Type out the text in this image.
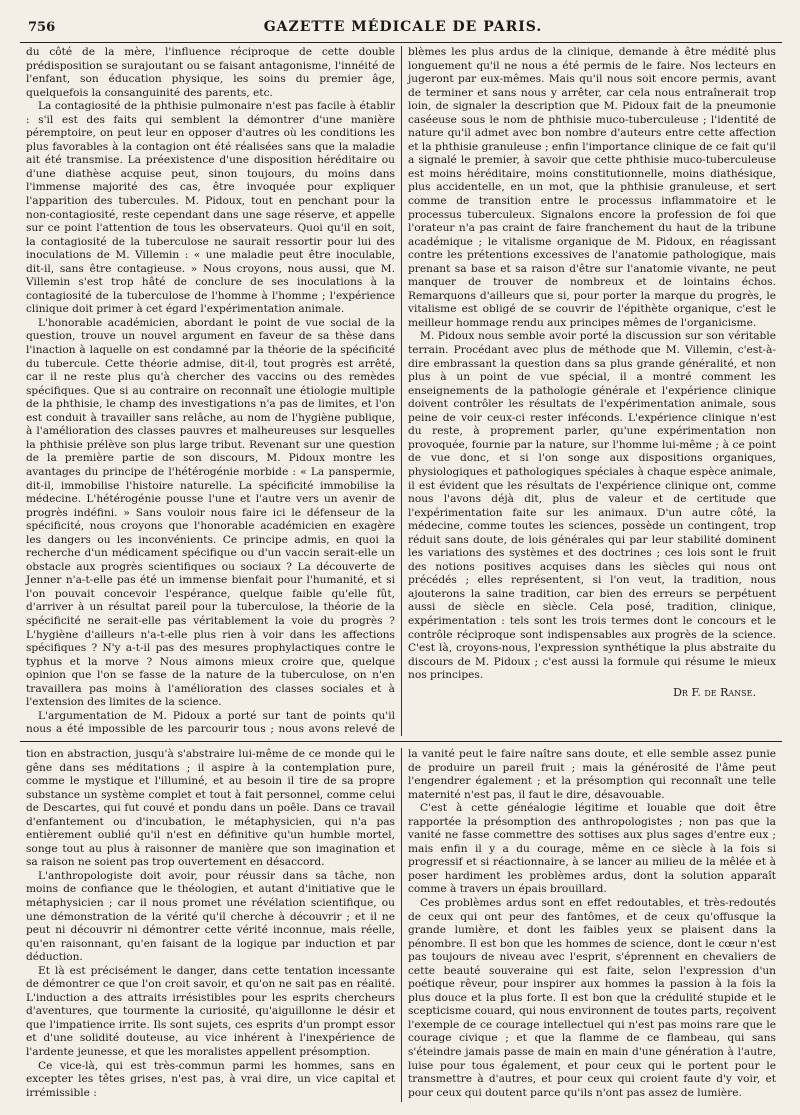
756	GAZETTE MÉDICALE DE PARIS.

du côté de la mère, l'influence réciproque de cette double prédisposition se surajoutant ou se faisant antagonisme, l'innéité de l'enfant, son éducation physique, les soins du premier âge, quelquefois la consanguinité des parents, etc.

La contagiosité de la phthisie pulmonaire n'est pas facile à établir : s'il est des faits qui semblent la démontrer d'une manière péremptoire, on peut leur en opposer d'autres où les conditions les plus favorables à la contagion ont été réalisées sans que la maladie ait été transmise. La préexistence d'une disposition héréditaire ou d'une diathèse acquise peut, sinon toujours, du moins dans l'immense majorité des cas, être invoquée pour expliquer l'apparition des tubercules. M. Pidoux, tout en penchant pour la non-contagiosité, reste cependant dans une sage réserve, et appelle sur ce point l'attention de tous les observateurs. Quoi qu'il en soit, la contagiosité de la tuberculose ne saurait ressortir pour lui des inoculations de M. Villemin : « une maladie peut être inoculable, dit-il, sans être contagieuse. » Nous croyons, nous aussi, que M. Villemin s'est trop hâté de conclure de ses inoculations à la contagiosité de la tuberculose de l'homme à l'homme ; l'expérience clinique doit primer à cet égard l'expérimentation animale.

L'honorable académicien, abordant le point de vue social de la question, trouve un nouvel argument en faveur de sa thèse dans l'inaction à laquelle on est condamné par la théorie de la spécificité du tubercule. Cette théorie admise, dit-il, tout progrès est arrêté, car il ne reste plus qu'à chercher des vaccins ou des remèdes spécifiques. Que si au contraire on reconnaît une étiologie multiple de la phthisie, le champ des investigations n'a pas de limites, et l'on est conduit à travailler sans relâche, au nom de l'hygiène publique, à l'amélioration des classes pauvres et malheureuses sur lesquelles la phthisie prélève son plus large tribut. Revenant sur une question de la première partie de son discours, M. Pidoux montre les avantages du principe de l'hétérogénie morbide : « La panspermie, dit-il, immobilise l'histoire naturelle. La spécificité immobilise la médecine. L'hétérogénie pousse l'une et l'autre vers un avenir de progrès indéfini. » Sans vouloir nous faire ici le défenseur de la spécificité, nous croyons que l'honorable académicien en exagère les dangers ou les inconvénients. Ce principe admis, en quoi la recherche d'un médicament spécifique ou d'un vaccin serait-elle un obstacle aux progrès scientifiques ou sociaux ? La découverte de Jenner n'a-t-elle pas été un immense bienfait pour l'humanité, et si l'on pouvait concevoir l'espérance, quelque faible qu'elle fût, d'arriver à un résultat pareil pour la tuberculose, la théorie de la spécificité ne serait-elle pas véritablement la voie du progrès ? L'hygiène d'ailleurs n'a-t-elle plus rien à voir dans les affections spécifiques ? N'y a-t-il pas des mesures prophylactiques contre le typhus et la morve ? Nous aimons mieux croire que, quelque opinion que l'on se fasse de la nature de la tuberculose, on n'en travaillera pas moins à l'amélioration des classes sociales et à l'extension des limites de la science.

L'argumentation de M. Pidoux a porté sur tant de points qu'il nous a été impossible de les parcourir tous ; nous avons relevé de

blèmes les plus ardus de la clinique, demande à être médité plus longuement qu'il ne nous a été permis de le faire. Nos lecteurs en jugeront par eux-mêmes. Mais qu'il nous soit encore permis, avant de terminer et sans nous y arrêter, car cela nous entraînerait trop loin, de signaler la description que M. Pidoux fait de la pneumonie caséeuse sous le nom de phthisie muco-tuberculeuse ; l'identité de nature qu'il admet avec bon nombre d'auteurs entre cette affection et la phthisie granuleuse ; enfin l'importance clinique de ce fait qu'il a signalé le premier, à savoir que cette phthisie muco-tuberculeuse est moins héréditaire, moins constitutionnelle, moins diathésique, plus accidentelle, en un mot, que la phthisie granuleuse, et sert comme de transition entre le processus inflammatoire et le processus tuberculeux. Signalons encore la profession de foi que l'orateur n'a pas craint de faire franchement du haut de la tribune académique ; le vitalisme organique de M. Pidoux, en réagissant contre les prétentions excessives de l'anatomie pathologique, mais prenant sa base et sa raison d'être sur l'anatomie vivante, ne peut manquer de trouver de nombreux et de lointains échos. Remarquons d'ailleurs que si, pour porter la marque du progrès, le vitalisme est obligé de se couvrir de l'épithète organique, c'est le meilleur hommage rendu aux principes mêmes de l'organicisme.

M. Pidoux nous semble avoir porté la discussion sur son véritable terrain. Procédant avec plus de méthode que M. Villemin, c'est-à-dire embrassant la question dans sa plus grande généralité, et non plus à un point de vue spécial, il a montré comment les enseignements de la pathologie générale et l'expérience clinique doivent contrôler les résultats de l'expérimentation animale, sous peine de voir ceux-ci rester inféconds. L'expérience clinique n'est du reste, à proprement parler, qu'une expérimentation non provoquée, fournie par la nature, sur l'homme lui-même ; à ce point de vue donc, et si l'on songe aux dispositions organiques, physiologiques et pathologiques spéciales à chaque espèce animale, il est évident que les résultats de l'expérience clinique ont, comme nous l'avons déjà dit, plus de valeur et de certitude que l'expérimentation faite sur les animaux. D'un autre côté, la médecine, comme toutes les sciences, possède un contingent, trop réduit sans doute, de lois générales qui par leur stabilité dominent les variations des systèmes et des doctrines ; ces lois sont le fruit des notions positives acquises dans les siècles qui nous ont précédés ; elles représentent, si l'on veut, la tradition, nous ajouterons la saine tradition, car bien des erreurs se perpétuent aussi de siècle en siècle. Cela posé, tradition, clinique, expérimentation : tels sont les trois termes dont le concours et le contrôle réciproque sont indispensables aux progrès de la science. C'est là, croyons-nous, l'expression synthétique la plus abstraite du discours de M. Pidoux ; c'est aussi la formule qui résume le mieux nos principes.

Dr F. de Ranse.

tion en abstraction, jusqu'à s'abstraire lui-même de ce monde qui le gêne dans ses méditations ; il aspire à la contemplation pure, comme le mystique et l'illuminé, et au besoin il tire de sa propre substance un système complet et tout à fait personnel, comme celui de Descartes, qui fut couvé et pondu dans un poêle. Dans ce travail d'enfantement ou d'incubation, le métaphysicien, qui n'a pas entièrement oublié qu'il n'est en définitive qu'un humble mortel, songe tout au plus à raisonner de manière que son imagination et sa raison ne soient pas trop ouvertement en désaccord.

L'anthropologiste doit avoir, pour réussir dans sa tâche, non moins de confiance que le théologien, et autant d'initiative que le métaphysicien ; car il nous promet une révélation scientifique, ou une démonstration de la vérité qu'il cherche à découvrir ; et il ne peut ni découvrir ni démontrer cette vérité inconnue, mais réelle, qu'en raisonnant, qu'en faisant de la logique par induction et par déduction.

Et là est précisément le danger, dans cette tentation incessante de démontrer ce que l'on croit savoir, et qu'on ne sait pas en réalité. L'induction a des attraits irrésistibles pour les esprits chercheurs d'aventures, que tourmente la curiosité, qu'aiguillonne le désir et que l'impatience irrite. Ils sont sujets, ces esprits d'un prompt essor et d'une solidité douteuse, au vice inhérent à l'inexpérience de l'ardente jeunesse, et que les moralistes appellent présomption.

Ce vice-là, qui est très-commun parmi les hommes, sans en excepter les têtes grises, n'est pas, à vrai dire, un vice capital et irrémissible :

la vanité peut le faire naître sans doute, et elle semble assez punie de produire un pareil fruit ; mais la générosité de l'âme peut l'engendrer également ; et la présomption qui reconnaît une telle maternité n'est pas, il faut le dire, désavouable.

C'est à cette généalogie légitime et louable que doit être rapportée la présomption des anthropologistes ; non pas que la vanité ne fasse commettre des sottises aux plus sages d'entre eux ; mais enfin il y a du courage, même en ce siècle à la fois si progressif et si réactionnaire, à se lancer au milieu de la mêlée et à poser hardiment les problèmes ardus, dont la solution apparaît comme à travers un épais brouillard.

Ces problèmes ardus sont en effet redoutables, et très-redoutés de ceux qui ont peur des fantômes, et de ceux qu'offusque la grande lumière, et dont les faibles yeux se plaisent dans la pénombre. Il est bon que les hommes de science, dont le cœur n'est pas toujours de niveau avec l'esprit, s'éprennent en chevaliers de cette beauté souveraine qui est faite, selon l'expression d'un poétique rêveur, pour inspirer aux hommes la passion à la fois la plus douce et la plus forte. Il est bon que la crédulité stupide et le scepticisme couard, qui nous environnent de toutes parts, reçoivent l'exemple de ce courage intellectuel qui n'est pas moins rare que le courage civique ; et que la flamme de ce flambeau, qui sans s'éteindre jamais passe de main en main d'une génération à l'autre, luise pour tous également, et pour ceux qui le portent pour le transmettre à d'autres, et pour ceux qui croient faute d'y voir, et pour ceux qui doutent parce qu'ils n'ont pas assez de lumière.
